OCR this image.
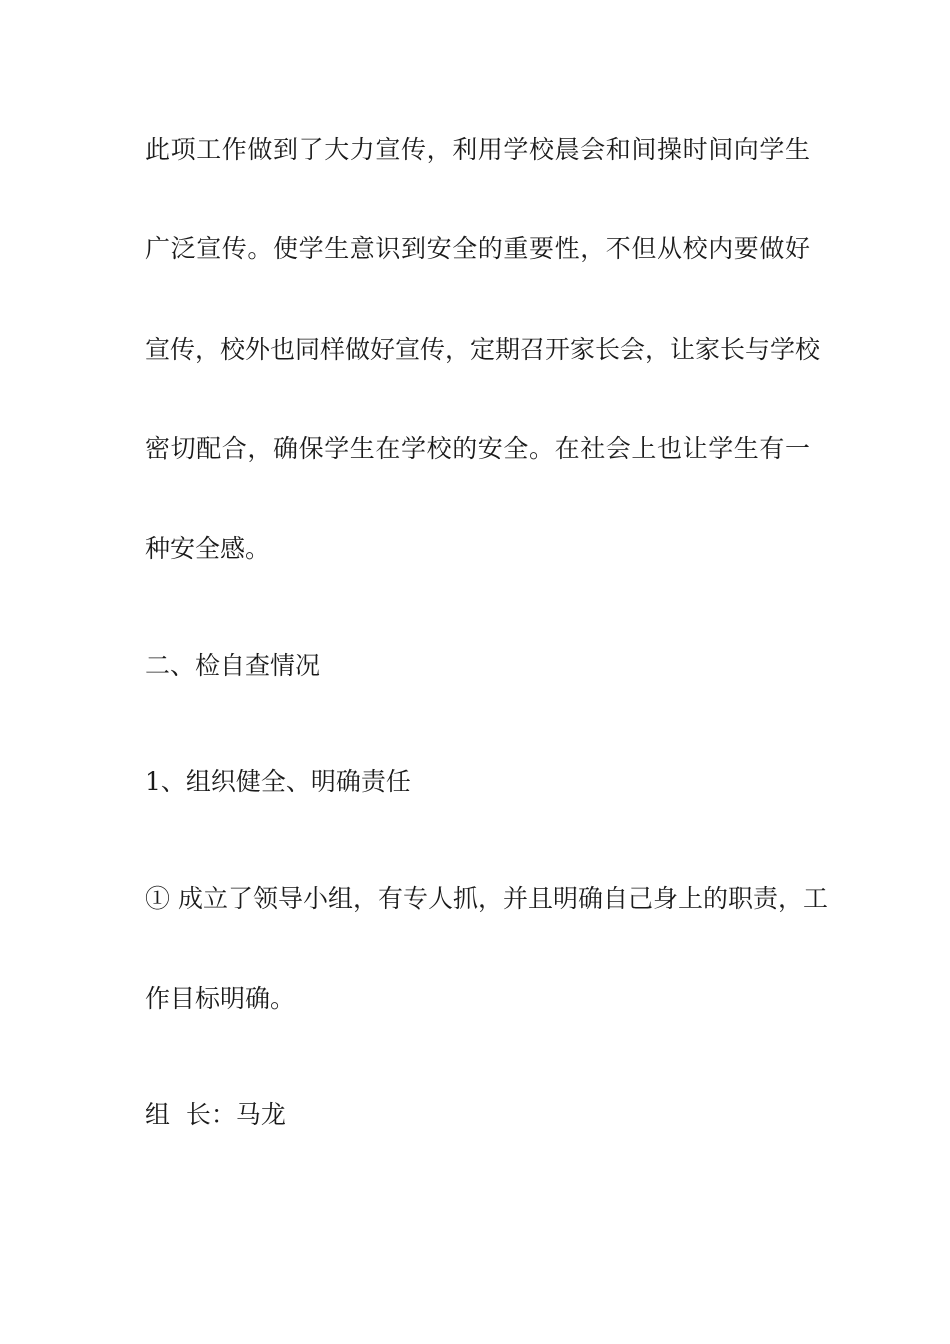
此项工作做到了大力宣传，利用学校晨会和间操时间向学生
广泛宣传。使学生意识到安全的重要性，不但从校内要做好
宣传，校外也同样做好宣传，定期召开家长会，让家长与学校
密切配合，确保学生在学校的安全。在社会上也让学生有一
种安全感。
二、检自查情况
1、组织健全、明确责任
① 成立了领导小组，有专人抓，并且明确自己身上的职责，工
作目标明确。
组  长：马龙
